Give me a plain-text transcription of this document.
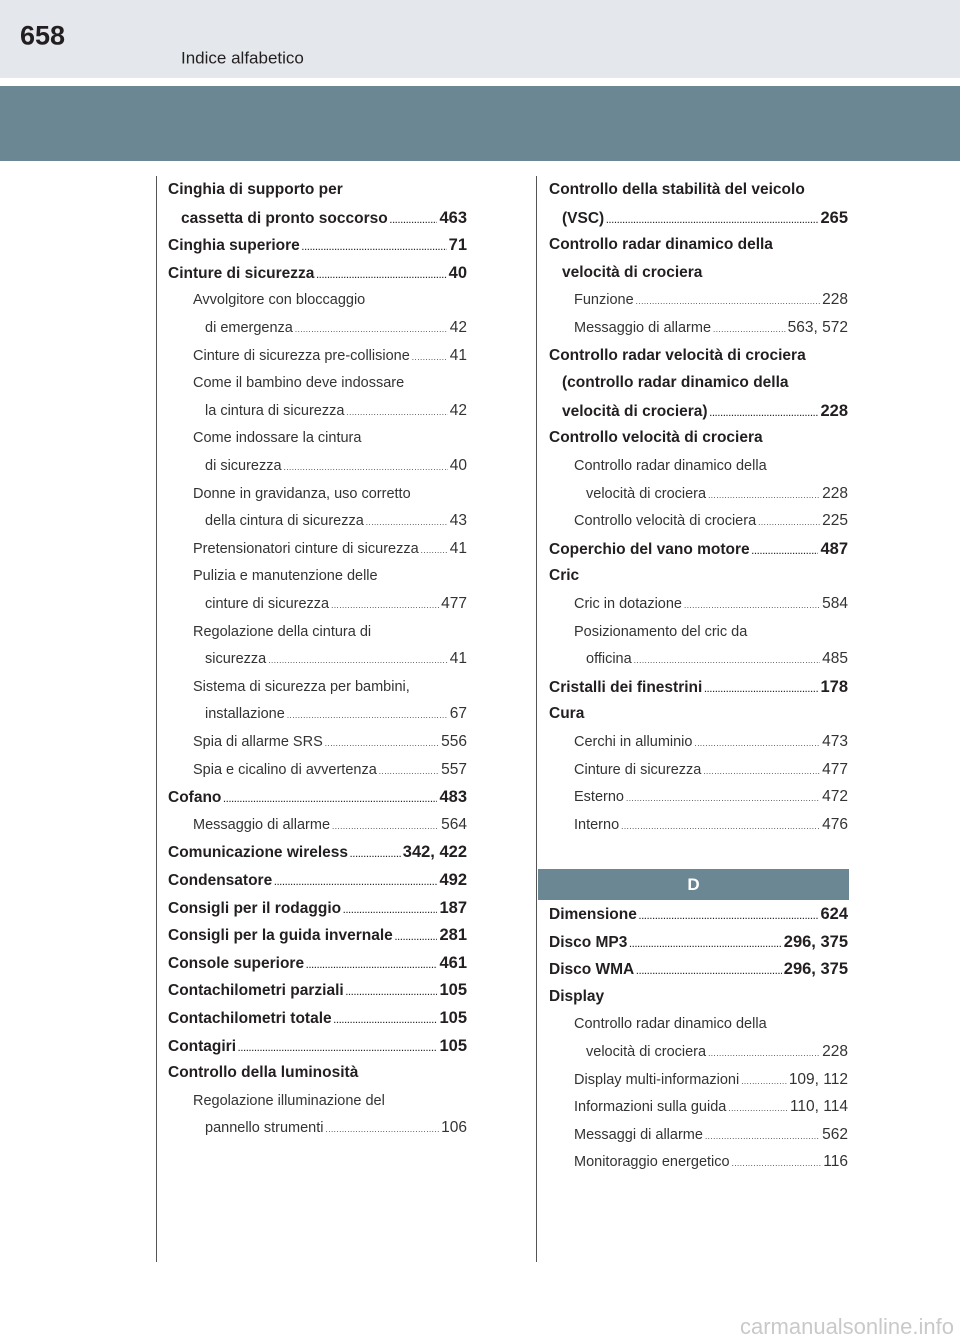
658
Indice alfabetico
Cinghia di supporto per
cassetta di pronto soccorso .....	463
Cinghia superiore .....	71
Cinture di sicurezza .....	40
Avvolgitore con bloccaggio
di emergenza .....	42
Cinture di sicurezza pre-collisione .....	41
Come il bambino deve indossare
la cintura di sicurezza .....	42
Come indossare la cintura
di sicurezza .....	40
Donne in gravidanza, uso corretto
della cintura di sicurezza .....	43
Pretensionatori cinture di sicurezza ..... 41
Pulizia e manutenzione delle
cinture di sicurezza .....	477
Regolazione della cintura di
sicurezza .....	41
Sistema di sicurezza per bambini,
installazione .....	67
Spia di allarme SRS .....	556
Spia e cicalino di avvertenza .....	557
Cofano .....	483
Messaggio di allarme .....	564
Comunicazione wireless .....	342, 422
Condensatore .....	492
Consigli per il rodaggio .....	187
Consigli per la guida invernale .....	281
Console superiore .....	461
Contachilometri parziali .....	105
Contachilometri totale .....	105
Contagiri .....	105
Controllo della luminosità
Regolazione illuminazione del
pannello strumenti .....	106
Controllo della stabilità del veicolo
(VSC) .....	265
Controllo radar dinamico della
velocità di crociera
Funzione .....	228
Messaggio di allarme .....	563, 572
Controllo radar velocità di crociera
(controllo radar dinamico della
velocità di crociera) .....	228
Controllo velocità di crociera
Controllo radar dinamico della
velocità di crociera .....	228
Controllo velocità di crociera .....	225
Coperchio del vano motore .....	487
Cric
Cric in dotazione .....	584
Posizionamento del cric da
officina .....	485
Cristalli dei finestrini .....	178
Cura
Cerchi in alluminio .....	473
Cinture di sicurezza .....	477
Esterno .....	472
Interno .....	476
D
Dimensione .....	624
Disco MP3 .....	296, 375
Disco WMA .....	296, 375
Display
Controllo radar dinamico della
velocità di crociera .....	228
Display multi-informazioni .....	109, 112
Informazioni sulla guida .....	110, 114
Messaggi di allarme .....	562
Monitoraggio energetico .....	116
carmanualsonline.info
